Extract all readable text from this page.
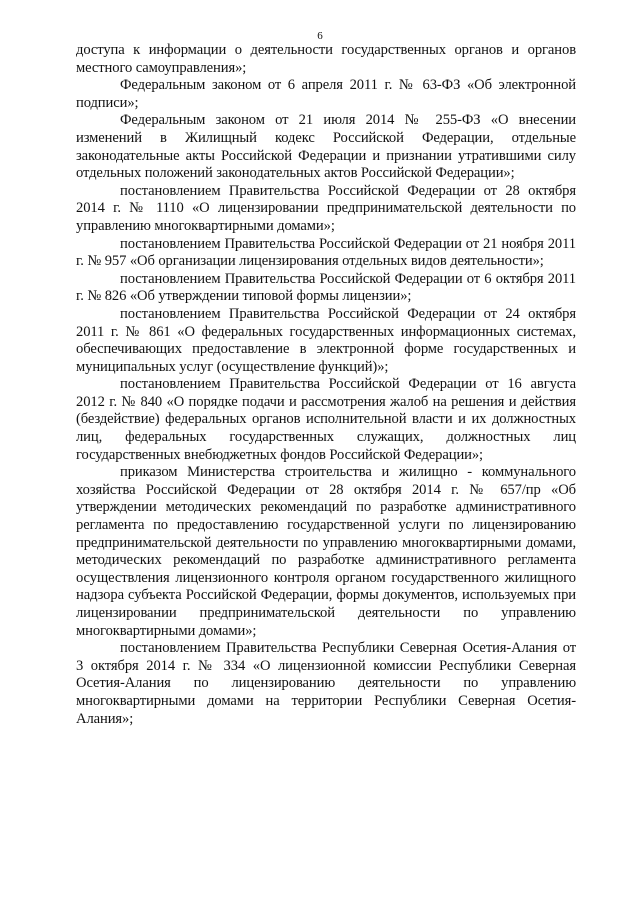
6

доступа к информации о деятельности государственных органов и органов местного самоуправления»;

Федеральным законом от 6 апреля 2011 г. № 63-ФЗ «Об электронной подписи»;

Федеральным законом от 21 июля 2014 № 255-ФЗ «О внесении изменений в Жилищный кодекс Российской Федерации, отдельные законодательные акты Российской Федерации и признании утратившими силу отдельных положений законодательных актов Российской Федерации»;

постановлением Правительства Российской Федерации от 28 октября 2014 г. № 1110 «О лицензировании предпринимательской деятельности по управлению многоквартирными домами»;

постановлением Правительства Российской Федерации от 21 ноября 2011 г. № 957 «Об организации лицензирования отдельных видов деятельности»;

постановлением Правительства Российской Федерации от 6 октября 2011 г. № 826 «Об утверждении типовой формы лицензии»;

постановлением Правительства Российской Федерации от 24 октября 2011 г. № 861 «О федеральных государственных информационных системах, обеспечивающих предоставление в электронной форме государственных и муниципальных услуг (осуществление функций)»;

постановлением Правительства Российской Федерации от 16 августа 2012 г. № 840 «О порядке подачи и рассмотрения жалоб на решения и действия (бездействие) федеральных органов исполнительной власти и их должностных лиц, федеральных государственных служащих, должностных лиц государственных внебюджетных фондов Российской Федерации»;

приказом Министерства строительства и жилищно - коммунального хозяйства Российской Федерации от 28 октября 2014 г. № 657/пр «Об утверждении методических рекомендаций по разработке административного регламента по предоставлению государственной услуги по лицензированию предпринимательской деятельности по управлению многоквартирными домами, методических рекомендаций по разработке административного регламента осуществления лицензионного контроля органом государственного жилищного надзора субъекта Российской Федерации, формы документов, используемых при лицензировании предпринимательской деятельности по управлению многоквартирными домами»;

постановлением Правительства Республики Северная Осетия-Алания от 3 октября 2014 г. № 334 «О лицензионной комиссии Республики Северная Осетия-Алания по лицензированию деятельности по управлению многоквартирными домами на территории Республики Северная Осетия-Алания»;
